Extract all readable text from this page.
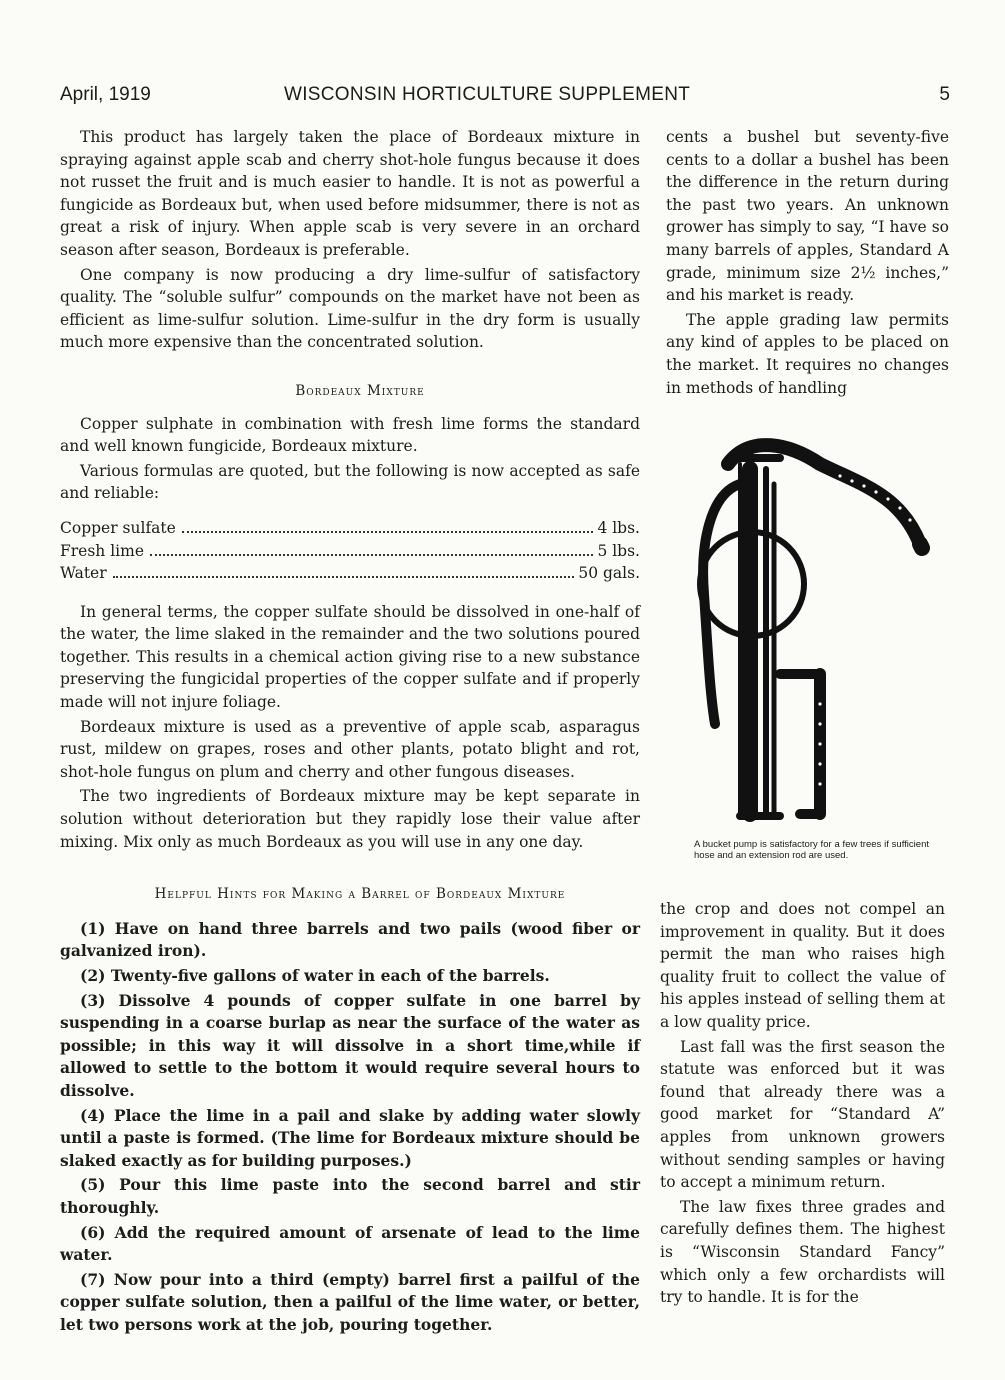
April, 1919	WISCONSIN HORTICULTURE SUPPLEMENT	5

This product has largely taken the place of Bordeaux mixture in spraying against apple scab and cherry shot-hole fungus because it does not russet the fruit and is much easier to handle. It is not as powerful a fungicide as Bordeaux but, when used before midsummer, there is not as great a risk of injury. When apple scab is very severe in an orchard season after season, Bordeaux is preferable.

One company is now producing a dry lime-sulfur of satisfactory quality. The “soluble sulfur” compounds on the market have not been as efficient as lime-sulfur solution. Lime-sulfur in the dry form is usually much more expensive than the concentrated solution.

Bordeaux Mixture

Copper sulphate in combination with fresh lime forms the standard and well known fungicide, Bordeaux mixture.

Various formulas are quoted, but the following is now accepted as safe and reliable:

Copper sulfate	4 lbs.
Fresh lime	5 lbs.
Water	50 gals.

In general terms, the copper sulfate should be dissolved in one-half of the water, the lime slaked in the remainder and the two solutions poured together. This results in a chemical action giving rise to a new substance preserving the fungicidal properties of the copper sulfate and if properly made will not injure foliage.

Bordeaux mixture is used as a preventive of apple scab, asparagus rust, mildew on grapes, roses and other plants, potato blight and rot, shot-hole fungus on plum and cherry and other fungous diseases.

The two ingredients of Bordeaux mixture may be kept separate in solution without deterioration but they rapidly lose their value after mixing. Mix only as much Bordeaux as you will use in any one day.

Helpful Hints for Making a Barrel of Bordeaux Mixture

(1) Have on hand three barrels and two pails (wood fiber or galvanized iron).

(2) Twenty-five gallons of water in each of the barrels.

(3) Dissolve 4 pounds of copper sulfate in one barrel by suspending in a coarse burlap as near the surface of the water as possible; in this way it will dissolve in a short time,while if allowed to settle to the bottom it would require several hours to dissolve.

(4) Place the lime in a pail and slake by adding water slowly until a paste is formed. (The lime for Bordeaux mixture should be slaked exactly as for building purposes.)

(5) Pour this lime paste into the second barrel and stir thoroughly.

(6) Add the required amount of arsenate of lead to the lime water.

(7) Now pour into a third (empty) barrel first a pailful of the copper sulfate solution, then a pailful of the lime water, or better, let two persons work at the job, pouring together.

cents a bushel but seventy-five cents to a dollar a bushel has been the difference in the return during the past two years. An unknown grower has simply to say, “I have so many barrels of apples, Standard A grade, minimum size 2½ inches,” and his market is ready.

The apple grading law permits any kind of apples to be placed on the market. It requires no changes in methods of handling

A bucket pump is satisfactory for a few trees if sufficient hose and an extension rod are used.

the crop and does not compel an improvement in quality. But it does permit the man who raises high quality fruit to collect the value of his apples instead of selling them at a low quality price.

Last fall was the first season the statute was enforced but it was found that already there was a good market for “Standard A” apples from unknown growers without sending samples or having to accept a minimum return.

The law fixes three grades and carefully defines them. The highest is “Wisconsin Standard Fancy” which only a few orchardists will try to handle. It is for the
